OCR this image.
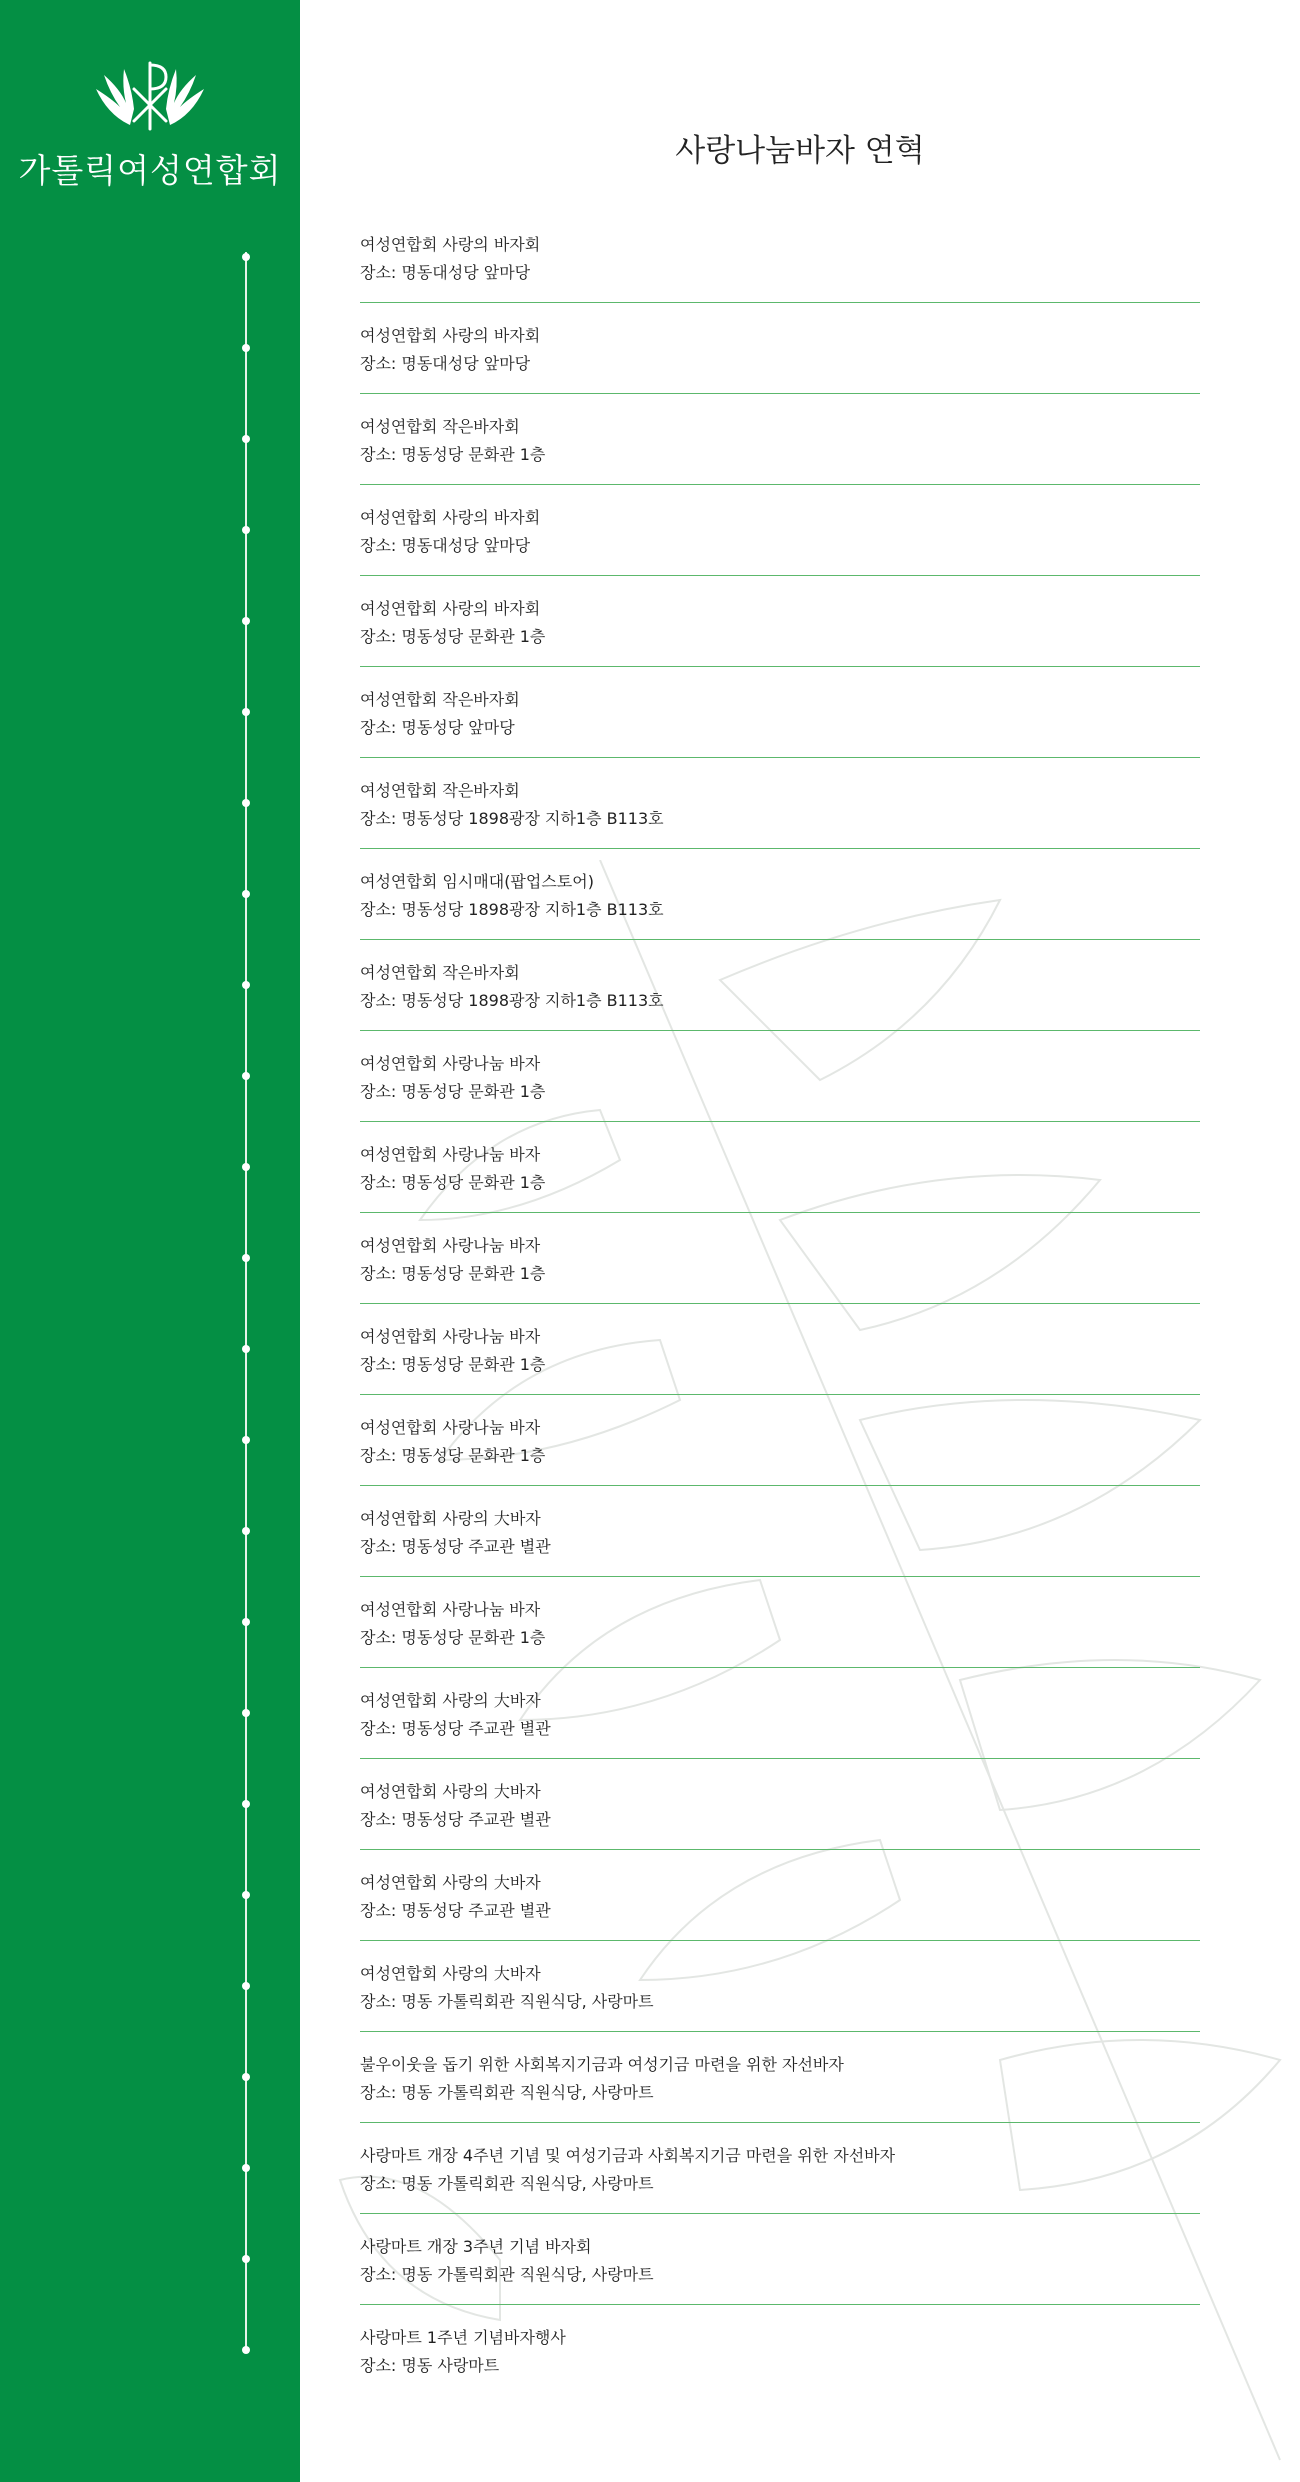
가톨릭여성연합회
사랑나눔바자 연혁
여성연합회 사랑의 바자회
장소: 명동대성당 앞마당
여성연합회 사랑의 바자회
장소: 명동대성당 앞마당
여성연합회 작은바자회
장소: 명동성당 문화관 1층
여성연합회 사랑의 바자회
장소: 명동대성당 앞마당
여성연합회 사랑의 바자회
장소: 명동성당 문화관 1층
여성연합회 작은바자회
장소: 명동성당 앞마당
여성연합회 작은바자회
장소: 명동성당 1898광장 지하1층 B113호
여성연합회 임시매대(팝업스토어)
장소: 명동성당 1898광장 지하1층 B113호
여성연합회 작은바자회
장소: 명동성당 1898광장 지하1층 B113호
여성연합회 사랑나눔 바자
장소: 명동성당 문화관 1층
여성연합회 사랑나눔 바자
장소: 명동성당 문화관 1층
여성연합회 사랑나눔 바자
장소: 명동성당 문화관 1층
여성연합회 사랑나눔 바자
장소: 명동성당 문화관 1층
여성연합회 사랑나눔 바자
장소: 명동성당 문화관 1층
여성연합회 사랑의 大바자
장소: 명동성당 주교관 별관
여성연합회 사랑나눔 바자
장소: 명동성당 문화관 1층
여성연합회 사랑의 大바자
장소: 명동성당 주교관 별관
여성연합회 사랑의 大바자
장소: 명동성당 주교관 별관
여성연합회 사랑의 大바자
장소: 명동성당 주교관 별관
여성연합회 사랑의 大바자
장소: 명동 가톨릭회관 직원식당, 사랑마트
불우이웃을 돕기 위한 사회복지기금과 여성기금 마련을 위한 자선바자
장소: 명동 가톨릭회관 직원식당, 사랑마트
사랑마트 개장 4주년 기념 및 여성기금과 사회복지기금 마련을 위한 자선바자
장소: 명동 가톨릭회관 직원식당, 사랑마트
사랑마트 개장 3주년 기념 바자회
장소: 명동 가톨릭회관 직원식당, 사랑마트
사랑마트 1주년 기념바자행사
장소: 명동 사랑마트
